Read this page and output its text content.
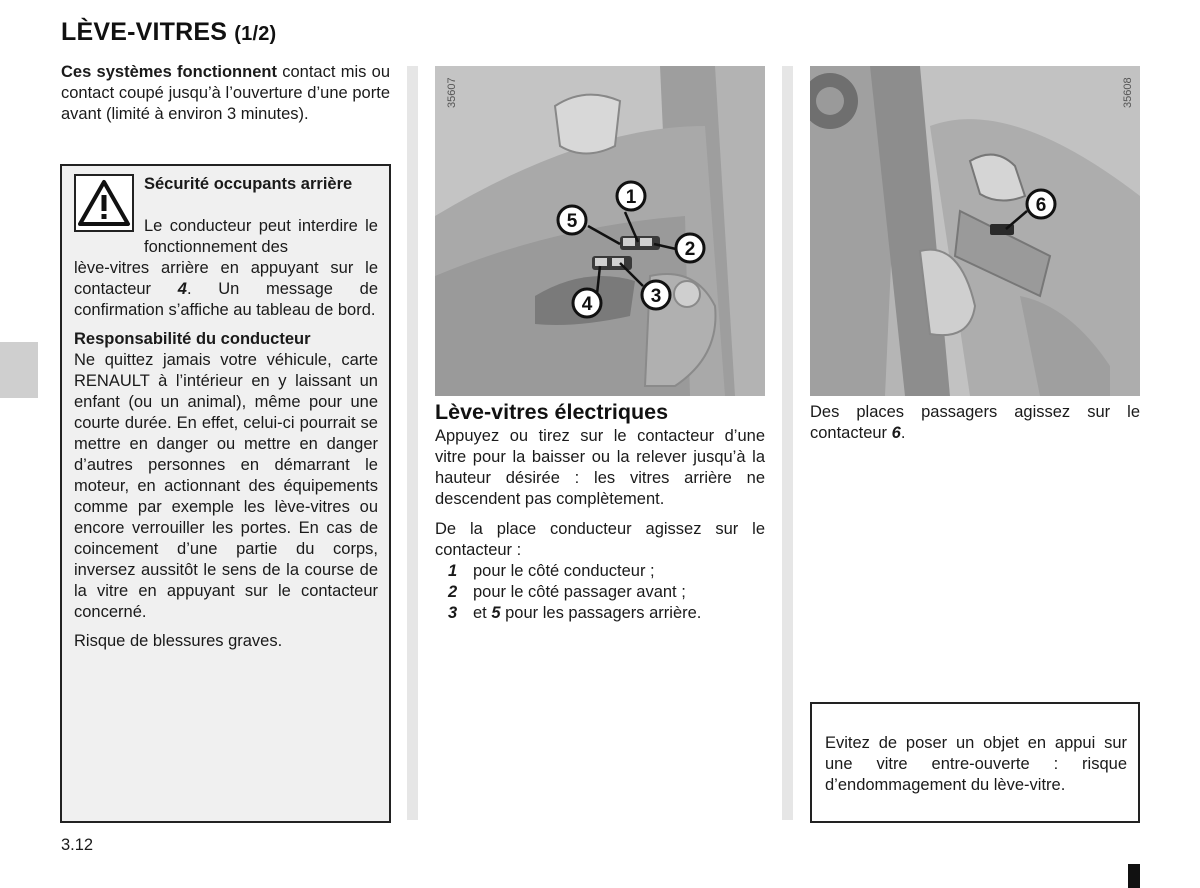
LÈVE-VITRES (1/2)

Ces systèmes fonctionnent contact mis ou contact coupé jusqu’à l’ouverture d’une porte avant (limité à environ 3 minutes).

Sécurité occupants arrière
Le conducteur peut interdire le fonctionnement des

lève-vitres arrière en appuyant sur le contacteur 4. Un message de confirmation s’affiche au tableau de bord.

Responsabilité du conducteur

Ne quittez jamais votre véhicule, carte RENAULT à l’intérieur en y laissant un enfant (ou un animal), même pour une courte durée. En effet, celui-ci pourrait se mettre en danger ou mettre en danger d’autres personnes en démarrant le moteur, en actionnant des équipements comme par exemple les lève-vitres ou encore verrouiller les portes. En cas de coincement d’une partie du corps, inversez aussitôt le sens de la course de la vitre en appuyant sur le contacteur concerné.

Risque de blessures graves.

1
5
2
3
4
35607
6
35608
Lève-vitres électriques

Appuyez ou tirez sur le contacteur d’une vitre pour la baisser ou la relever jusqu’à la hauteur désirée : les vitres arrière ne descendent pas complètement.

De la place conducteur agissez sur le contacteur :

1 pour le côté conducteur ;
2 pour le côté passager avant ;
3 et 5 pour les passagers arrière.

Des places passagers agissez sur le contacteur 6.

Evitez de poser un objet en appui sur une vitre entre-ouverte : risque d’endommagement du lève-vitre.
3.12
